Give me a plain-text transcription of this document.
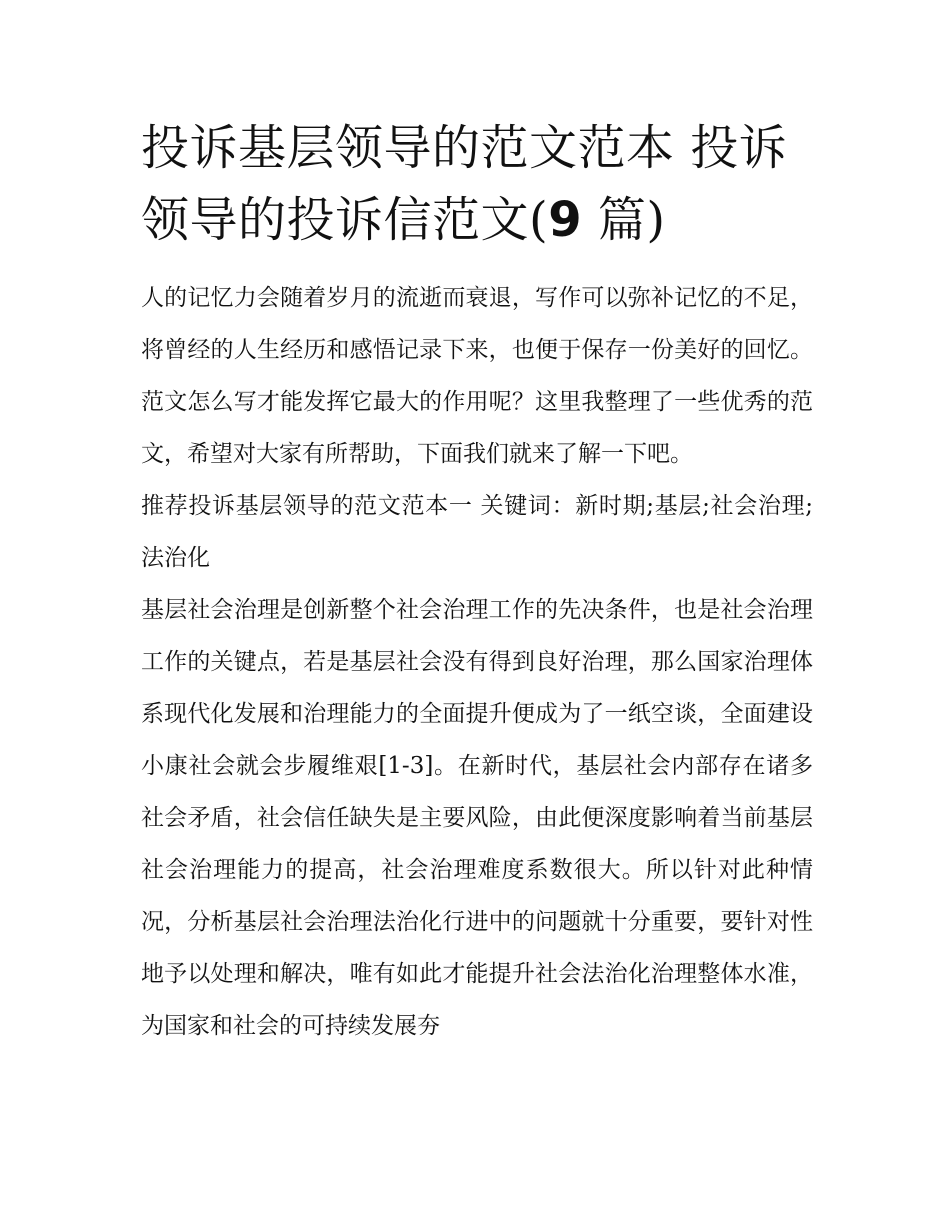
投诉基层领导的范文范本 投诉领导的投诉信范文(9 篇)

人的记忆力会随着岁月的流逝而衰退，写作可以弥补记忆的不足，将曾经的人生经历和感悟记录下来，也便于保存一份美好的回忆。范文怎么写才能发挥它最大的作用呢？这里我整理了一些优秀的范文，希望对大家有所帮助，下面我们就来了解一下吧。

推荐投诉基层领导的范文范本一 关键词：新时期;基层;社会治理;法治化

基层社会治理是创新整个社会治理工作的先决条件，也是社会治理工作的关键点，若是基层社会没有得到良好治理，那么国家治理体系现代化发展和治理能力的全面提升便成为了一纸空谈，全面建设小康社会就会步履维艰[1-3]。在新时代，基层社会内部存在诸多社会矛盾，社会信任缺失是主要风险，由此便深度影响着当前基层社会治理能力的提高，社会治理难度系数很大。所以针对此种情况，分析基层社会治理法治化行进中的问题就十分重要，要针对性地予以处理和解决，唯有如此才能提升社会法治化治理整体水准，为国家和社会的可持续发展夯
